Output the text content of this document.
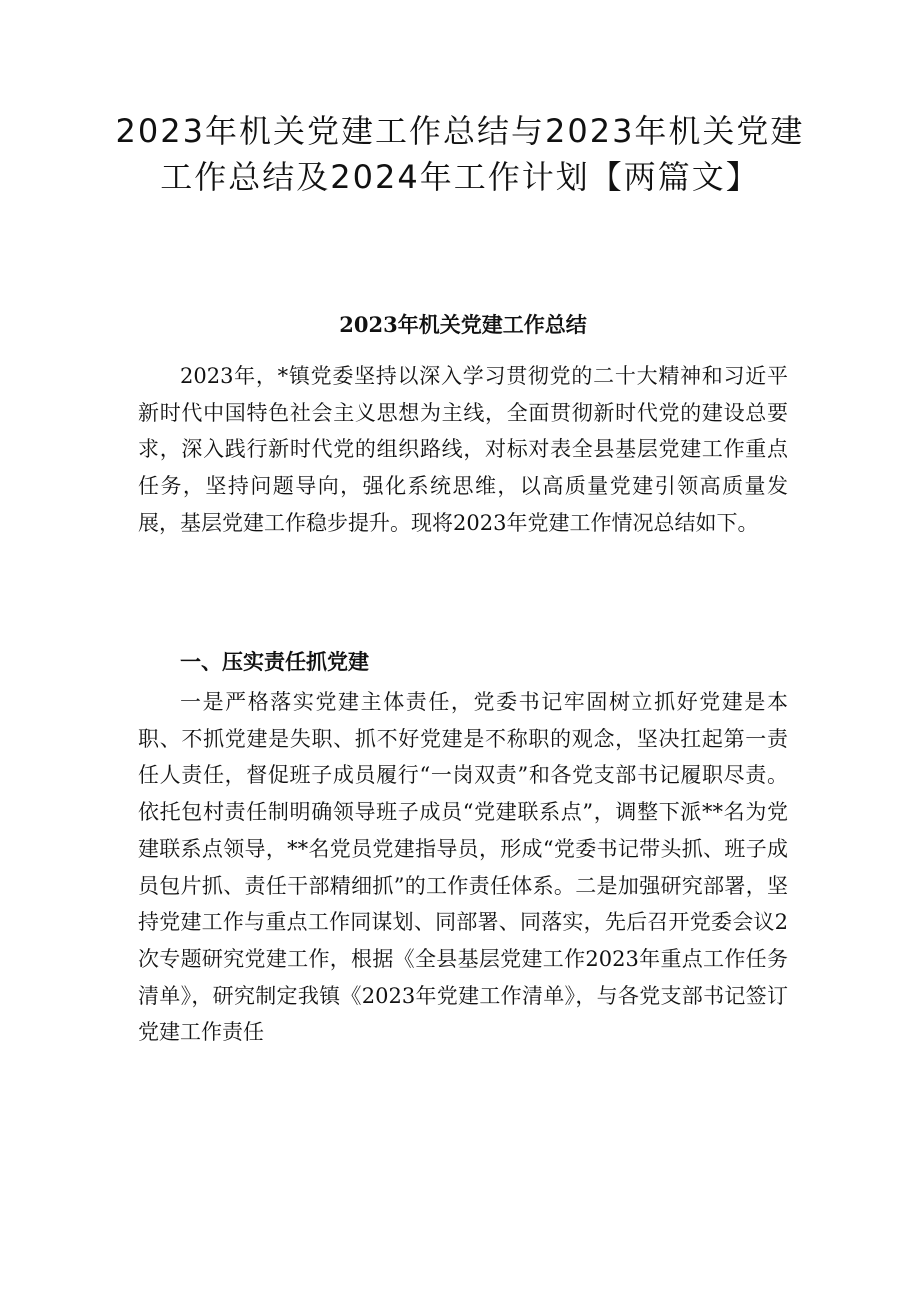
2023年机关党建工作总结与2023年机关党建工作总结及2024年工作计划【两篇文】
2023年机关党建工作总结

2023年，*镇党委坚持以深入学习贯彻党的二十大精神和习近平新时代中国特色社会主义思想为主线，全面贯彻新时代党的建设总要求，深入践行新时代党的组织路线，对标对表全县基层党建工作重点任务，坚持问题导向，强化系统思维，以高质量党建引领高质量发展，基层党建工作稳步提升。现将2023年党建工作情况总结如下。

一、压实责任抓党建

一是严格落实党建主体责任，党委书记牢固树立抓好党建是本职、不抓党建是失职、抓不好党建是不称职的观念，坚决扛起第一责任人责任，督促班子成员履行“一岗双责”和各党支部书记履职尽责。依托包村责任制明确领导班子成员“党建联系点”，调整下派**名为党建联系点领导，**名党员党建指导员，形成“党委书记带头抓、班子成员包片抓、责任干部精细抓”的工作责任体系。二是加强研究部署，坚持党建工作与重点工作同谋划、同部署、同落实，先后召开党委会议2次专题研究党建工作，根据《全县基层党建工作2023年重点工作任务清单》，研究制定我镇《2023年党建工作清单》，与各党支部书记签订党建工作责任
